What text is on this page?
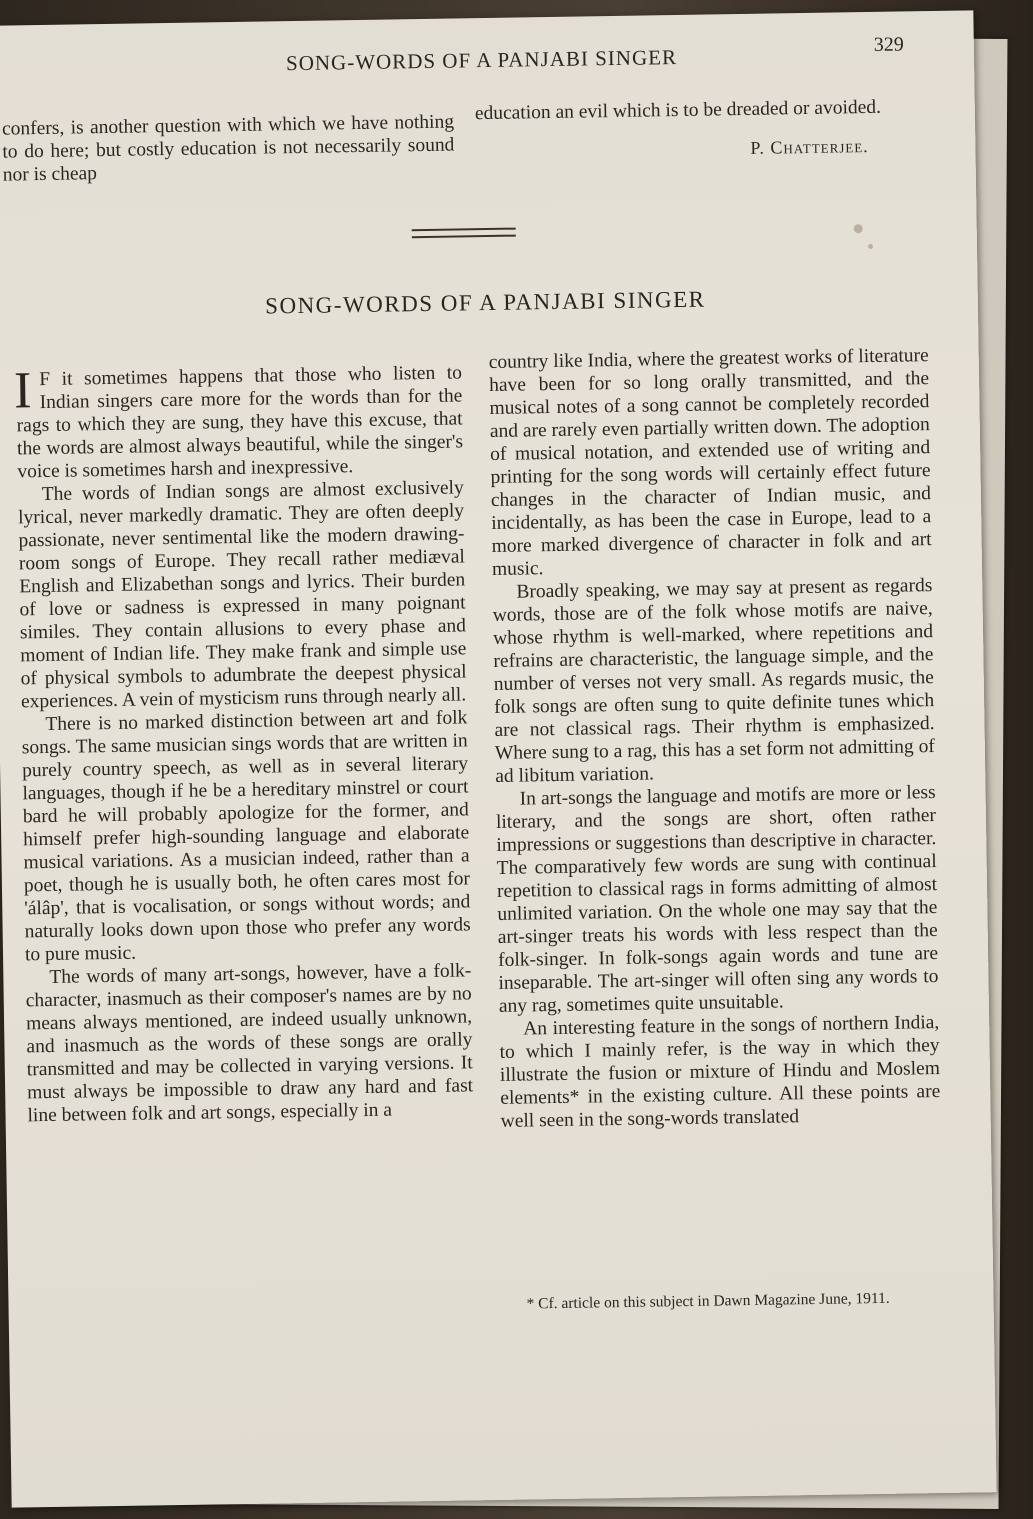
SONG-WORDS OF A PANJABI SINGER
329

confers, is another question with which we have nothing to do here; but costly education is not necessarily sound nor is cheap

education an evil which is to be dreaded or avoided.

P. Chatterjee.
SONG-WORDS OF A PANJABI SINGER

I F it sometimes happens that those who listen to Indian singers care more for the words than for the rags to which they are sung, they have this excuse, that the words are almost always beautiful, while the singer's voice is sometimes harsh and inexpressive.

The words of Indian songs are almost exclusively lyrical, never markedly dramatic. They are often deeply passionate, never sentimental like the modern drawing-room songs of Europe. They recall rather mediæval English and Elizabethan songs and lyrics. Their burden of love or sadness is expressed in many poignant similes. They contain allusions to every phase and moment of Indian life. They make frank and simple use of physical symbols to adumbrate the deepest physical experiences. A vein of mysticism runs through nearly all.

There is no marked distinction between art and folk songs. The same musician sings words that are written in purely country speech, as well as in several literary languages, though if he be a hereditary minstrel or court bard he will probably apologize for the former, and himself prefer high-sounding language and elaborate musical variations. As a musician indeed, rather than a poet, though he is usually both, he often cares most for 'álâp', that is vocalisation, or songs without words; and naturally looks down upon those who prefer any words to pure music.

The words of many art-songs, however, have a folk-character, inasmuch as their composer's names are by no means always mentioned, are indeed usually unknown, and inasmuch as the words of these songs are orally transmitted and may be collected in varying versions. It must always be impossible to draw any hard and fast line between folk and art songs, especially in a

country like India, where the greatest works of literature have been for so long orally transmitted, and the musical notes of a song cannot be completely recorded and are rarely even partially written down. The adoption of musical notation, and extended use of writing and printing for the song words will certainly effect future changes in the character of Indian music, and incidentally, as has been the case in Europe, lead to a more marked divergence of character in folk and art music.

Broadly speaking, we may say at present as regards words, those are of the folk whose motifs are naive, whose rhythm is well-marked, where repetitions and refrains are characteristic, the language simple, and the number of verses not very small. As regards music, the folk songs are often sung to quite definite tunes which are not classical rags. Their rhythm is emphasized. Where sung to a rag, this has a set form not admitting of ad libitum variation.

In art-songs the language and motifs are more or less literary, and the songs are short, often rather impressions or suggestions than descriptive in character. The comparatively few words are sung with continual repetition to classical rags in forms admitting of almost unlimited variation. On the whole one may say that the art-singer treats his words with less respect than the folk-singer. In folk-songs again words and tune are inseparable. The art-singer will often sing any words to any rag, sometimes quite unsuitable.

An interesting feature in the songs of northern India, to which I mainly refer, is the way in which they illustrate the fusion or mixture of Hindu and Moslem elements* in the existing culture. All these points are well seen in the song-words translated

* Cf. article on this subject in Dawn Magazine June, 1911.
